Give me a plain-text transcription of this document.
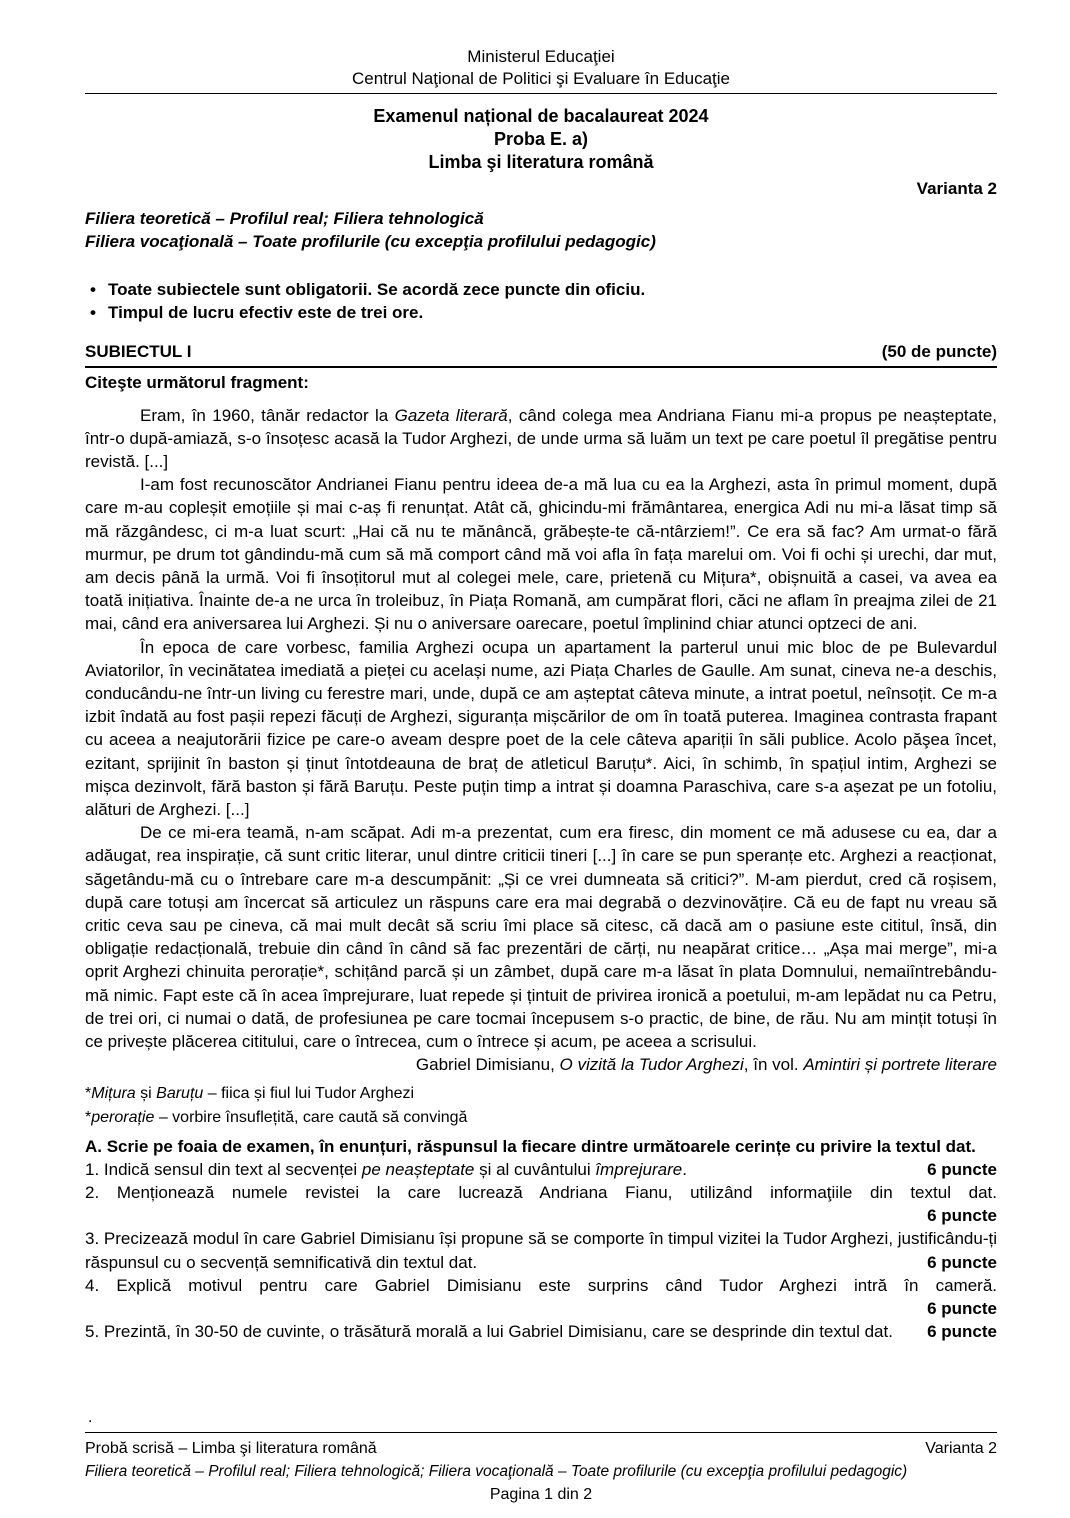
Ministerul Educaţiei
Centrul Naţional de Politici şi Evaluare în Educaţie
Examenul național de bacalaureat 2024
Proba E. a)
Limba şi literatura română
Varianta 2
Filiera teoretică – Profilul real; Filiera tehnologică
Filiera vocaţională – Toate profilurile (cu excepţia profilului pedagogic)
• Toate subiectele sunt obligatorii. Se acordă zece puncte din oficiu.
• Timpul de lucru efectiv este de trei ore.
SUBIECTUL I	(50 de puncte)
Citeşte următorul fragment:
Eram, în 1960, tânăr redactor la Gazeta literară, când colega mea Andriana Fianu mi-a propus pe neașteptate, într-o după-amiază, s-o însoțesc acasă la Tudor Arghezi, de unde urma să luăm un text pe care poetul îl pregătise pentru revistă. [...]
I-am fost recunoscător Andrianei Fianu pentru ideea de-a mă lua cu ea la Arghezi, asta în primul moment, după care m-au copleșit emoțiile și mai c-aș fi renunțat. Atât că, ghicindu-mi frământarea, energica Adi nu mi-a lăsat timp să mă răzgândesc, ci m-a luat scurt: „Hai că nu te mănâncă, grăbește-te că-ntârziem!”. Ce era să fac? Am urmat-o fără murmur, pe drum tot gândindu-mă cum să mă comport când mă voi afla în fața marelui om. Voi fi ochi și urechi, dar mut, am decis până la urmă. Voi fi însoțitorul mut al colegei mele, care, prietenă cu Mițura*, obișnuită a casei, va avea ea toată inițiativa. Înainte de-a ne urca în troleibuz, în Piața Romană, am cumpărat flori, căci ne aflam în preajma zilei de 21 mai, când era aniversarea lui Arghezi. Și nu o aniversare oarecare, poetul împlinind chiar atunci optzeci de ani.
În epoca de care vorbesc, familia Arghezi ocupa un apartament la parterul unui mic bloc de pe Bulevardul Aviatorilor, în vecinătatea imediată a pieței cu același nume, azi Piața Charles de Gaulle. Am sunat, cineva ne-a deschis, conducându-ne într-un living cu ferestre mari, unde, după ce am așteptat câteva minute, a intrat poetul, neînsoțit. Ce m-a izbit îndată au fost pașii repezi făcuți de Arghezi, siguranța mișcărilor de om în toată puterea. Imaginea contrasta frapant cu aceea a neajutorării fizice pe care-o aveam despre poet de la cele câteva apariții în săli publice. Acolo păşea încet, ezitant, sprijinit în baston și ținut întotdeauna de braț de atleticul Baruțu*. Aici, în schimb, în spațiul intim, Arghezi se mișca dezinvolt, fără baston și fără Baruțu. Peste puțin timp a intrat și doamna Paraschiva, care s-a așezat pe un fotoliu, alături de Arghezi. [...]
De ce mi-era teamă, n-am scăpat. Adi m-a prezentat, cum era firesc, din moment ce mă adusese cu ea, dar a adăugat, rea inspirație, că sunt critic literar, unul dintre criticii tineri [...] în care se pun speranțe etc. Arghezi a reacționat, săgetându-mă cu o întrebare care m-a descumpănit: „Și ce vrei dumneata să critici?”. M-am pierdut, cred că roșisem, după care totuși am încercat să articulez un răspuns care era mai degrabă o dezvinovățire. Că eu de fapt nu vreau să critic ceva sau pe cineva, că mai mult decât să scriu îmi place să citesc, că dacă am o pasiune este cititul, însă, din obligație redacțională, trebuie din când în când să fac prezentări de cărți, nu neapărat critice… „Așa mai merge”, mi-a oprit Arghezi chinuita perorație*, schițând parcă și un zâmbet, după care m-a lăsat în plata Domnului, nemaiîntrebându-mă nimic. Fapt este că în acea împrejurare, luat repede și țintuit de privirea ironică a poetului, m-am lepădat nu ca Petru, de trei ori, ci numai o dată, de profesiunea pe care tocmai începusem s-o practic, de bine, de rău. Nu am mințit totuși în ce privește plăcerea cititului, care o întrecea, cum o întrece și acum, pe aceea a scrisului.
Gabriel Dimisianu, O vizită la Tudor Arghezi, în vol. Amintiri și portrete literare
*Mițura și Baruțu – fiica și fiul lui Tudor Arghezi
*perorație – vorbire însuflețită, care caută să convingă
A. Scrie pe foaia de examen, în enunțuri, răspunsul la fiecare dintre următoarele cerințe cu privire la textul dat.
1. Indică sensul din text al secvenței pe neașteptate și al cuvântului împrejurare.	6 puncte
2. Menționează numele revistei la care lucrează Andriana Fianu, utilizând informaţiile din textul dat.
6 puncte
3. Precizează modul în care Gabriel Dimisianu își propune să se comporte în timpul vizitei la Tudor Arghezi, justificându-ți răspunsul cu o secvență semnificativă din textul dat.	6 puncte
4. Explică motivul pentru care Gabriel Dimisianu este surprins când Tudor Arghezi intră în cameră.
6 puncte
5. Prezintă, în 30-50 de cuvinte, o trăsătură morală a lui Gabriel Dimisianu, care se desprinde din textul dat. 6 puncte
.
Probă scrisă – Limba şi literatura română	Varianta 2
Filiera teoretică – Profilul real; Filiera tehnologică; Filiera vocaţională – Toate profilurile (cu excepţia profilului pedagogic)
Pagina 1 din 2
